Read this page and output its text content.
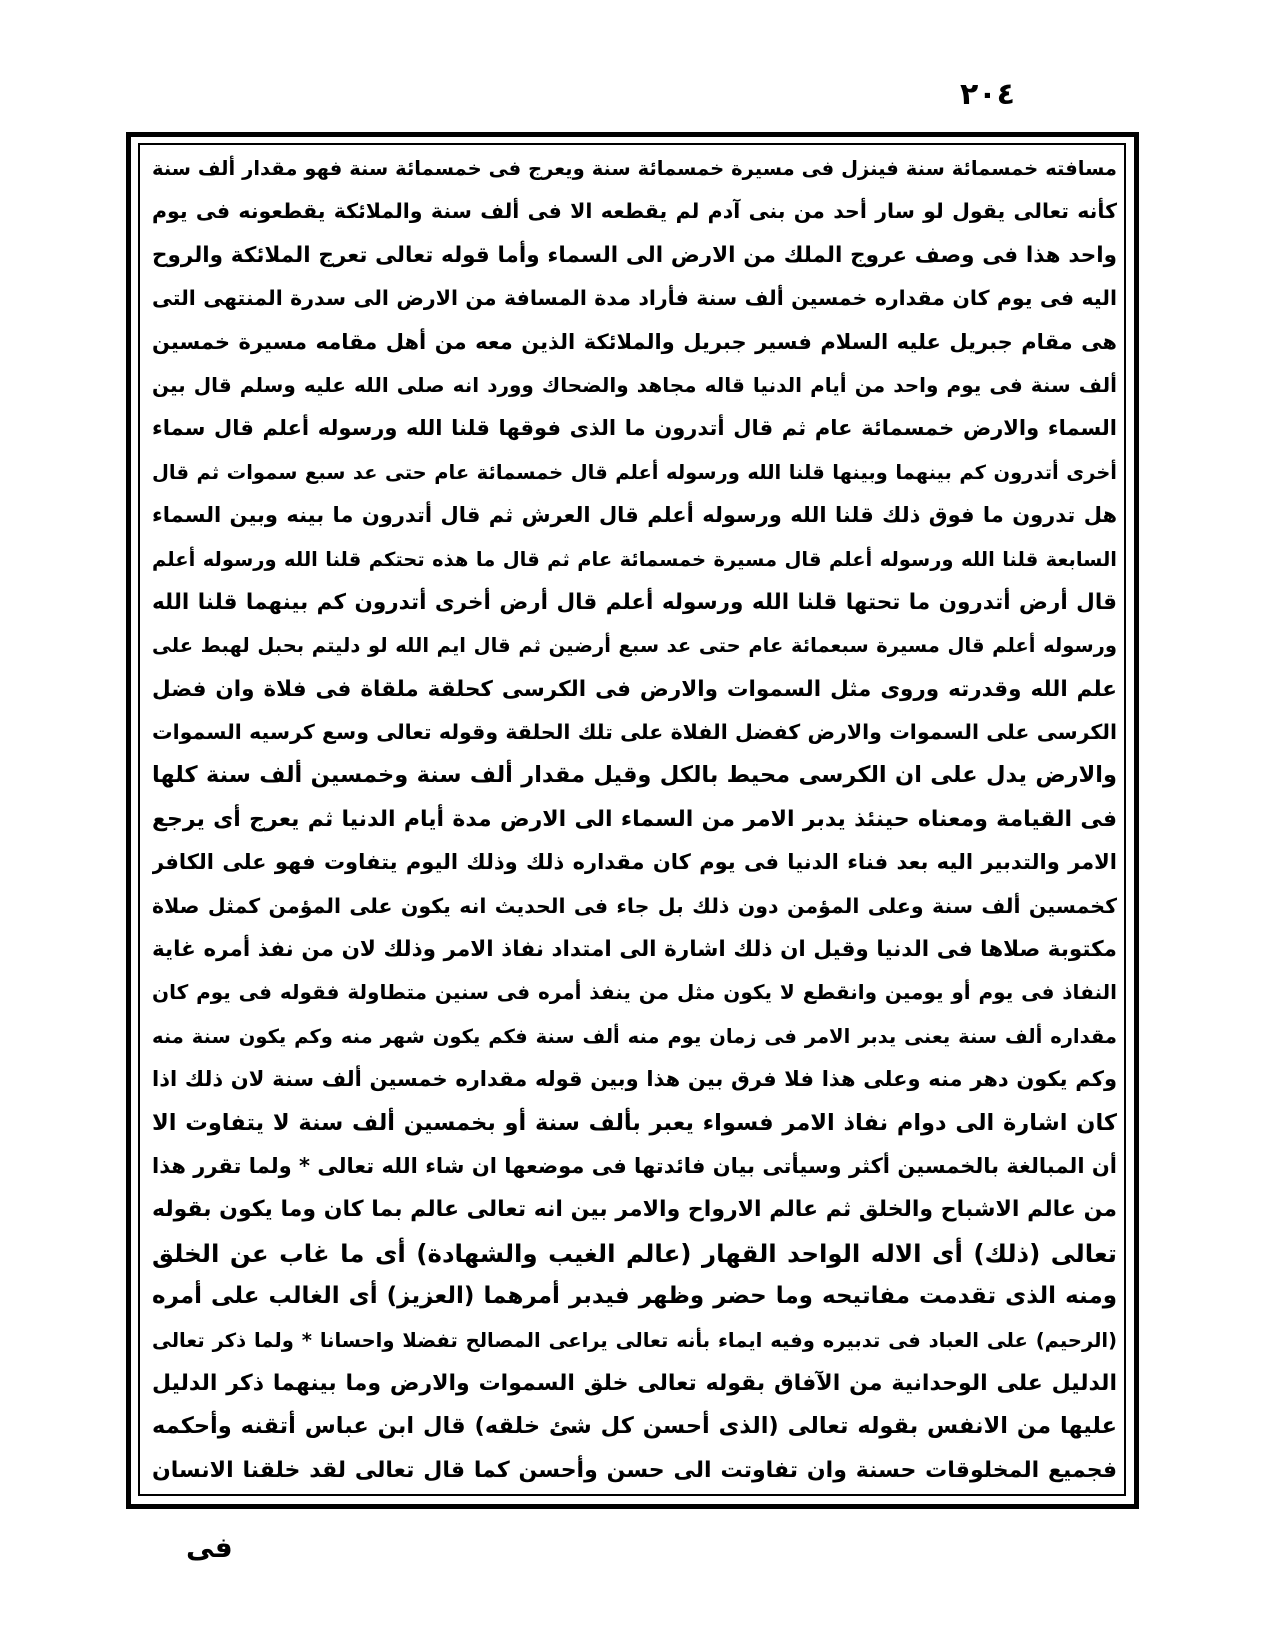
٢٠٤
مسافته خمسمائة سنة فينزل فى مسيرة خمسمائة سنة ويعرج فى خمسمائة سنة فهو مقدار ألف سنة
كأنه تعالى يقول لو سار أحد من بنى آدم لم يقطعه الا فى ألف سنة والملائكة يقطعونه فى يوم
واحد هذا فى وصف عروج الملك من الارض الى السماء وأما قوله تعالى تعرج الملائكة والروح
اليه فى يوم كان مقداره خمسين ألف سنة فأراد مدة المسافة من الارض الى سدرة المنتهى التى
هى مقام جبريل عليه السلام فسير جبريل والملائكة الذين معه من أهل مقامه مسيرة خمسين
ألف سنة فى يوم واحد من أيام الدنيا قاله مجاهد والضحاك وورد انه صلى الله عليه وسلم قال بين
السماء والارض خمسمائة عام ثم قال أتدرون ما الذى فوقها قلنا الله ورسوله أعلم قال سماء
أخرى أتدرون كم بينهما وبينها قلنا الله ورسوله أعلم قال خمسمائة عام حتى عد سبع سموات ثم قال
هل تدرون ما فوق ذلك قلنا الله ورسوله أعلم قال العرش ثم قال أتدرون ما بينه وبين السماء
السابعة قلنا الله ورسوله أعلم قال مسيرة خمسمائة عام ثم قال ما هذه تحتكم قلنا الله ورسوله أعلم
قال أرض أتدرون ما تحتها قلنا الله ورسوله أعلم قال أرض أخرى أتدرون كم بينهما قلنا الله
ورسوله أعلم قال مسيرة سبعمائة عام حتى عد سبع أرضين ثم قال ايم الله لو دليتم بحبل لهبط على
علم الله وقدرته وروى مثل السموات والارض فى الكرسى كحلقة ملقاة فى فلاة وان فضل
الكرسى على السموات والارض كفضل الفلاة على تلك الحلقة وقوله تعالى وسع كرسيه السموات
والارض يدل على ان الكرسى محيط بالكل وقيل مقدار ألف سنة وخمسين ألف سنة كلها
فى القيامة ومعناه حينئذ يدبر الامر من السماء الى الارض مدة أيام الدنيا ثم يعرج أى يرجع
الامر والتدبير اليه بعد فناء الدنيا فى يوم كان مقداره ذلك وذلك اليوم يتفاوت فهو على الكافر
كخمسين ألف سنة وعلى المؤمن دون ذلك بل جاء فى الحديث انه يكون على المؤمن كمثل صلاة
مكتوبة صلاها فى الدنيا وقيل ان ذلك اشارة الى امتداد نفاذ الامر وذلك لان من نفذ أمره غاية
النفاذ فى يوم أو يومين وانقطع لا يكون مثل من ينفذ أمره فى سنين متطاولة فقوله فى يوم كان
مقداره ألف سنة يعنى يدبر الامر فى زمان يوم منه ألف سنة فكم يكون شهر منه وكم يكون سنة منه
وكم يكون دهر منه وعلى هذا فلا فرق بين هذا وبين قوله مقداره خمسين ألف سنة لان ذلك اذا
كان اشارة الى دوام نفاذ الامر فسواء يعبر بألف سنة أو بخمسين ألف سنة لا يتفاوت الا
أن المبالغة بالخمسين أكثر وسيأتى بيان فائدتها فى موضعها ان شاء الله تعالى * ولما تقرر هذا
من عالم الاشباح والخلق ثم عالم الارواح والامر بين انه تعالى عالم بما كان وما يكون بقوله
تعالى (ذلك) أى الاله الواحد القهار (عالم الغيب والشهادة) أى ما غاب عن الخلق
ومنه الذى تقدمت مفاتيحه وما حضر وظهر فيدبر أمرهما (العزيز) أى الغالب على أمره
(الرحيم) على العباد فى تدبيره وفيه ايماء بأنه تعالى يراعى المصالح تفضلا واحسانا * ولما ذكر تعالى
الدليل على الوحدانية من الآفاق بقوله تعالى خلق السموات والارض وما بينهما ذكر الدليل
عليها من الانفس بقوله تعالى (الذى أحسن كل شئ خلقه) قال ابن عباس أتقنه وأحكمه
فجميع المخلوقات حسنة وان تفاوتت الى حسن وأحسن كما قال تعالى لقد خلقنا الانسان
فى
